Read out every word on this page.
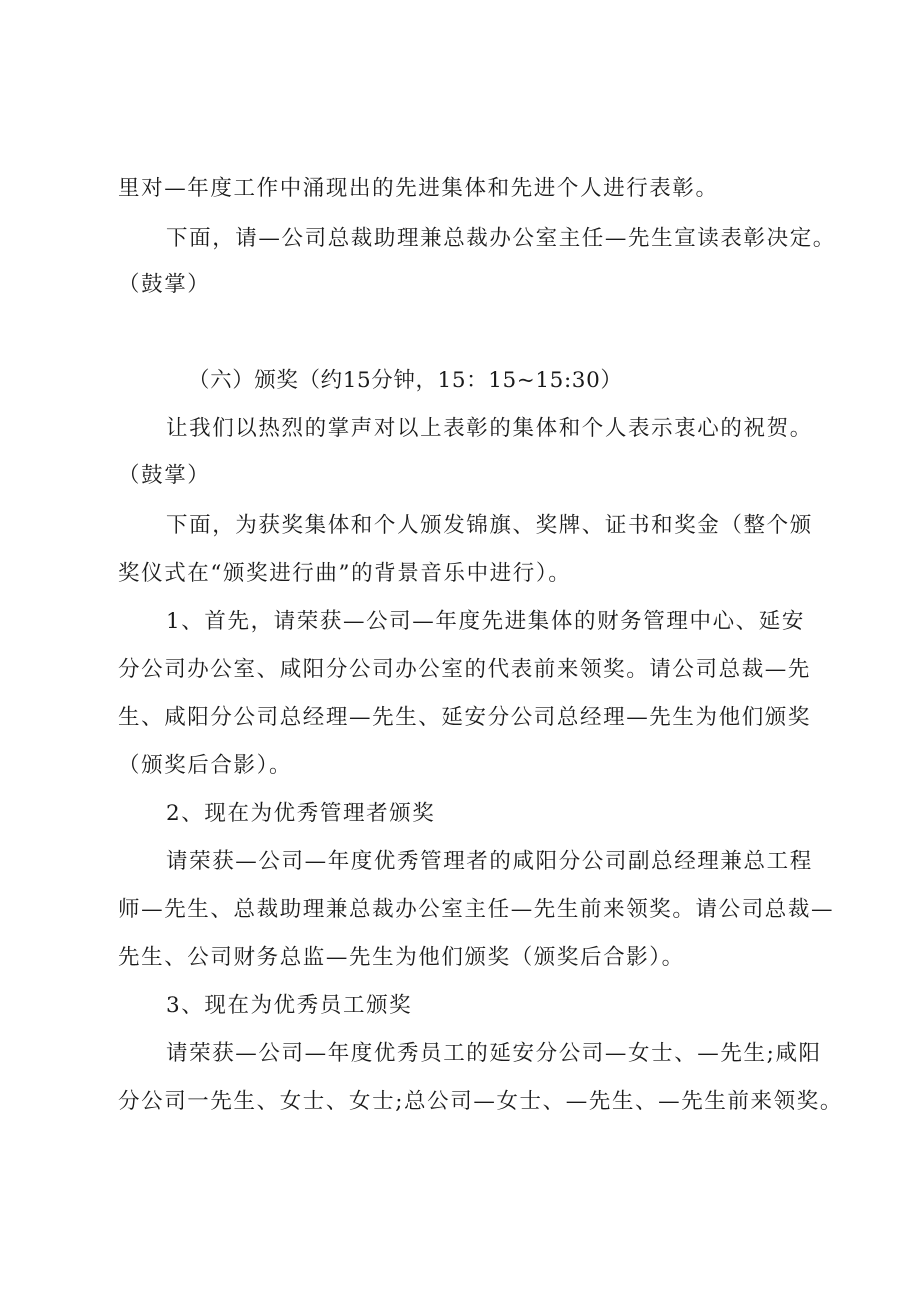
里对—年度工作中涌现出的先进集体和先进个人进行表彰。
下面，请—公司总裁助理兼总裁办公室主任—先生宣读表彰决定。
（鼓掌）
（六）颁奖（约15分钟，15：15~15:30）
让我们以热烈的掌声对以上表彰的集体和个人表示衷心的祝贺。
（鼓掌）
下面，为获奖集体和个人颁发锦旗、奖牌、证书和奖金（整个颁
奖仪式在“颁奖进行曲”的背景音乐中进行）。
1、首先，请荣获—公司—年度先进集体的财务管理中心、延安
分公司办公室、咸阳分公司办公室的代表前来领奖。请公司总裁—先
生、咸阳分公司总经理—先生、延安分公司总经理—先生为他们颁奖
（颁奖后合影）。
2、现在为优秀管理者颁奖
请荣获—公司—年度优秀管理者的咸阳分公司副总经理兼总工程
师—先生、总裁助理兼总裁办公室主任—先生前来领奖。请公司总裁—
先生、公司财务总监—先生为他们颁奖（颁奖后合影）。
3、现在为优秀员工颁奖
请荣获—公司—年度优秀员工的延安分公司—女士、—先生;咸阳
分公司一先生、女士、女士;总公司—女士、—先生、—先生前来领奖。
